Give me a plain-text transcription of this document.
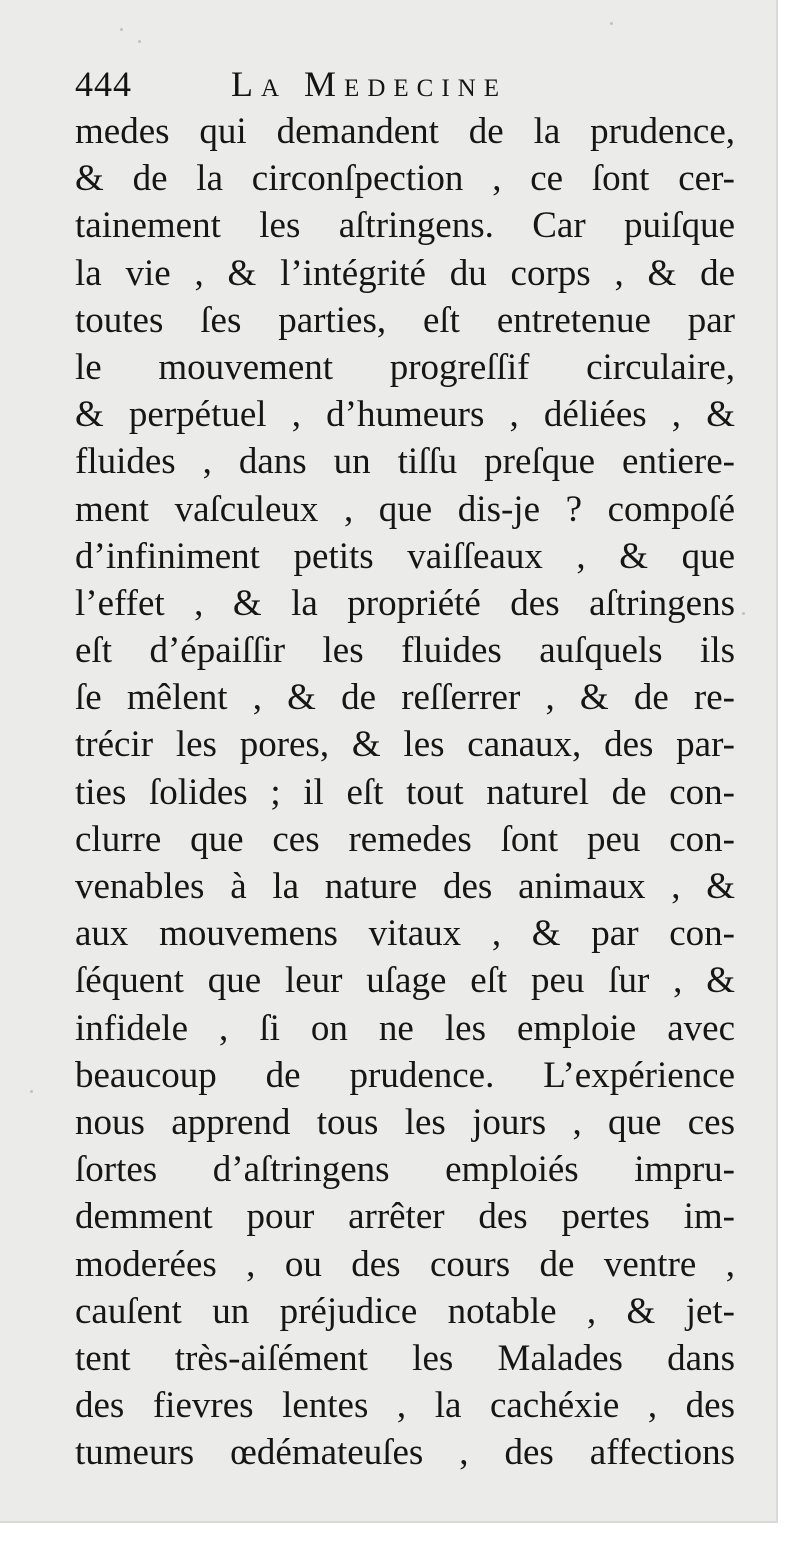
444	La Medecine
medes qui demandent de la prudence,
& de la circonſpection , ce ſont cer-
tainement les aſtringens. Car puiſque
la vie , & l’intégrité du corps , & de
toutes ſes parties, eſt entretenue par
le mouvement progreſſif circulaire,
& perpétuel , d’humeurs , déliées , &
fluides , dans un tiſſu preſque entiere-
ment vaſculeux , que dis-je ? compoſé
d’infiniment petits vaiſſeaux , & que
l’effet , & la propriété des aſtringens
eſt d’épaiſſir les fluides auſquels ils
ſe mêlent , & de reſſerrer , & de re-
trécir les pores, & les canaux, des par-
ties ſolides ; il eſt tout naturel de con-
clurre que ces remedes ſont peu con-
venables à la nature des animaux , &
aux mouvemens vitaux , & par con-
ſéquent que leur uſage eſt peu ſur , &
infidele , ſi on ne les emploie avec
beaucoup de prudence. L’expérience
nous apprend tous les jours , que ces
ſortes d’aſtringens emploiés impru-
demment pour arrêter des pertes im-
moderées , ou des cours de ventre ,
cauſent un préjudice notable , & jet-
tent très-aiſément les Malades dans
des fievres lentes , la cachéxie , des
tumeurs œdémateuſes , des affections
